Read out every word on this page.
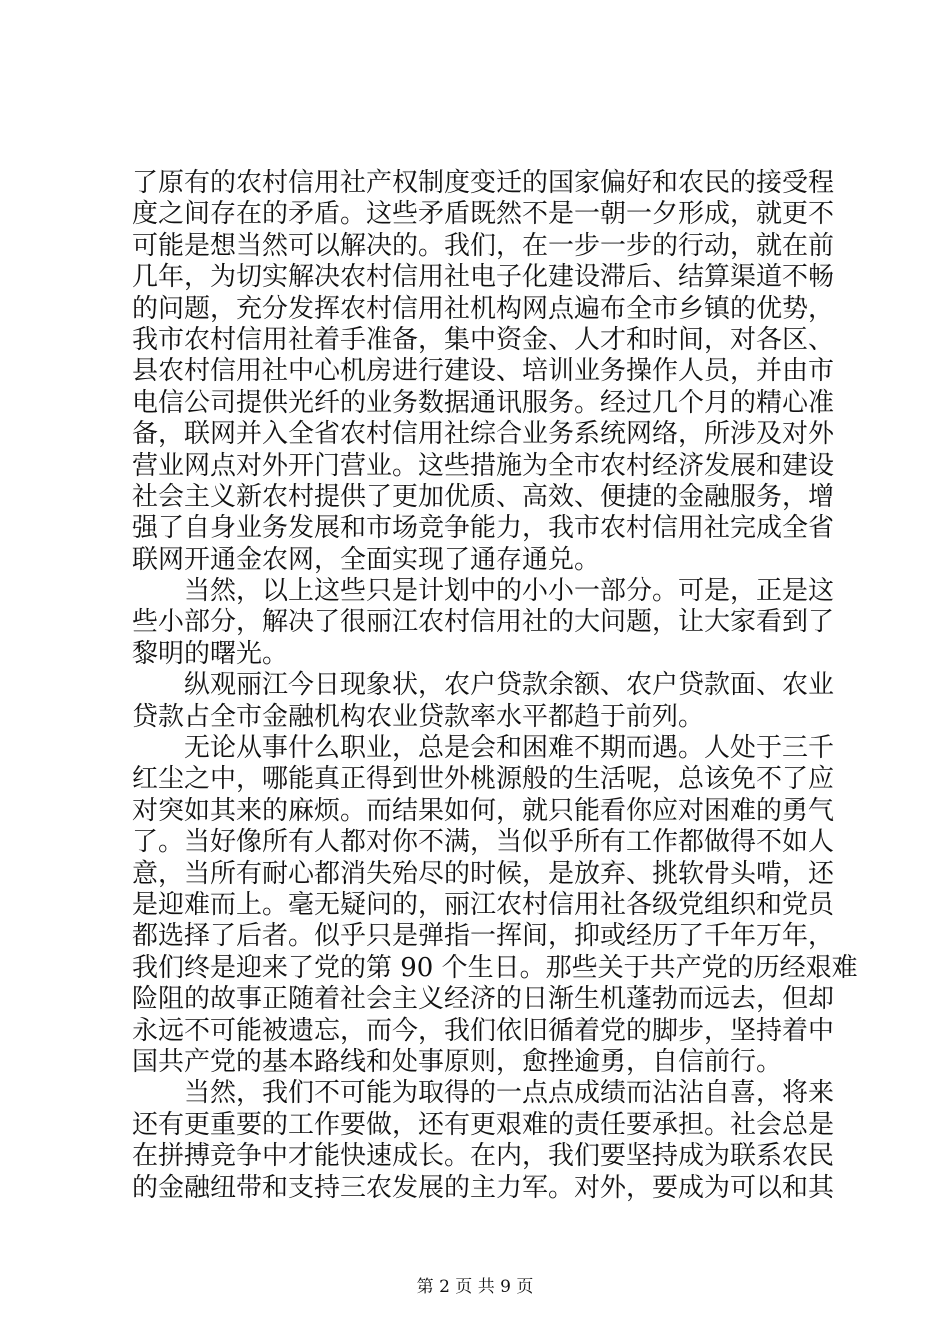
了原有的农村信用社产权制度变迁的国家偏好和农民的接受程
度之间存在的矛盾。这些矛盾既然不是一朝一夕形成，就更不
可能是想当然可以解决的。我们，在一步一步的行动，就在前
几年，为切实解决农村信用社电子化建设滞后、结算渠道不畅
的问题，充分发挥农村信用社机构网点遍布全市乡镇的优势，
我市农村信用社着手准备，集中资金、人才和时间，对各区、
县农村信用社中心机房进行建设、培训业务操作人员，并由市
电信公司提供光纤的业务数据通讯服务。经过几个月的精心准
备，联网并入全省农村信用社综合业务系统网络，所涉及对外
营业网点对外开门营业。这些措施为全市农村经济发展和建设
社会主义新农村提供了更加优质、高效、便捷的金融服务，增
强了自身业务发展和市场竞争能力，我市农村信用社完成全省
联网开通金农网，全面实现了通存通兑。
　　当然，以上这些只是计划中的小小一部分。可是，正是这
些小部分，解决了很丽江农村信用社的大问题，让大家看到了
黎明的曙光。
　　纵观丽江今日现象状，农户贷款余额、农户贷款面、农业
贷款占全市金融机构农业贷款率水平都趋于前列。
　　无论从事什么职业，总是会和困难不期而遇。人处于三千
红尘之中，哪能真正得到世外桃源般的生活呢，总该免不了应
对突如其来的麻烦。而结果如何，就只能看你应对困难的勇气
了。当好像所有人都对你不满，当似乎所有工作都做得不如人
意，当所有耐心都消失殆尽的时候，是放弃、挑软骨头啃，还
是迎难而上。毫无疑问的，丽江农村信用社各级党组织和党员
都选择了后者。似乎只是弹指一挥间，抑或经历了千年万年，
我们终是迎来了党的第 90 个生日。那些关于共产党的历经艰难
险阻的故事正随着社会主义经济的日渐生机蓬勃而远去，但却
永远不可能被遗忘，而今，我们依旧循着党的脚步，坚持着中
国共产党的基本路线和处事原则，愈挫逾勇，自信前行。
　　当然，我们不可能为取得的一点点成绩而沾沾自喜，将来
还有更重要的工作要做，还有更艰难的责任要承担。社会总是
在拼搏竞争中才能快速成长。在内，我们要坚持成为联系农民
的金融纽带和支持三农发展的主力军。对外，要成为可以和其
第 2 页 共 9 页
